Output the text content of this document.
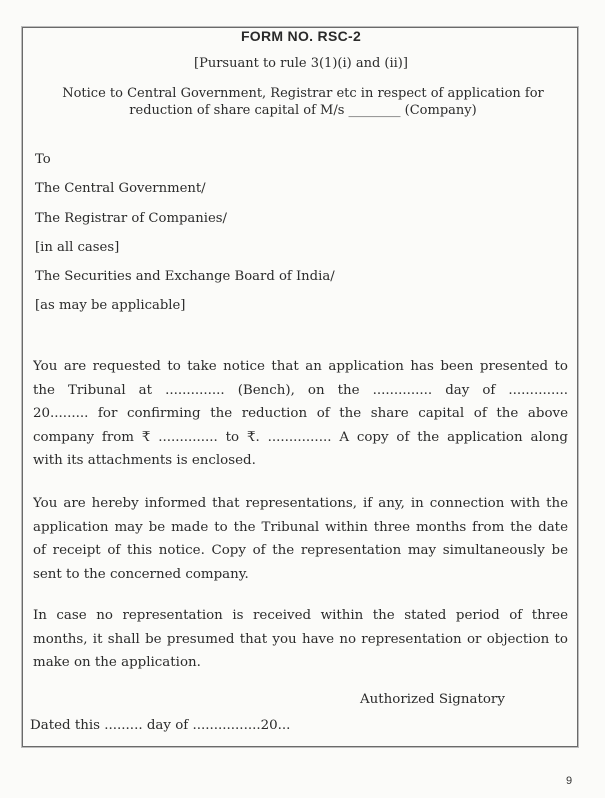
FORM NO. RSC-2
[Pursuant to rule 3(1)(i) and (ii)]
Notice to Central Government, Registrar etc in respect of application for
reduction of share capital of M/s ________ (Company)
To
The Central Government/
The Registrar of Companies/
[in all cases]
The Securities and Exchange Board of India/
[as may be applicable]
You are requested to take notice that an application has been presented to
the Tribunal at .............. (Bench), on the .............. day of ..............
20......... for confirming the reduction of the share capital of the above
company from ₹ .............. to ₹. ............... A copy of the application along
with its attachments is enclosed.
You are hereby informed that representations, if any, in connection with the
application may be made to the Tribunal within three months from the date
of receipt of this notice. Copy of the representation may simultaneously be
sent to the concerned company.
In case no representation is received within the stated period of three
months, it shall be presumed that you have no representation or objection to
make on the application.
Authorized Signatory
Dated this ......... day of ................20...
9
